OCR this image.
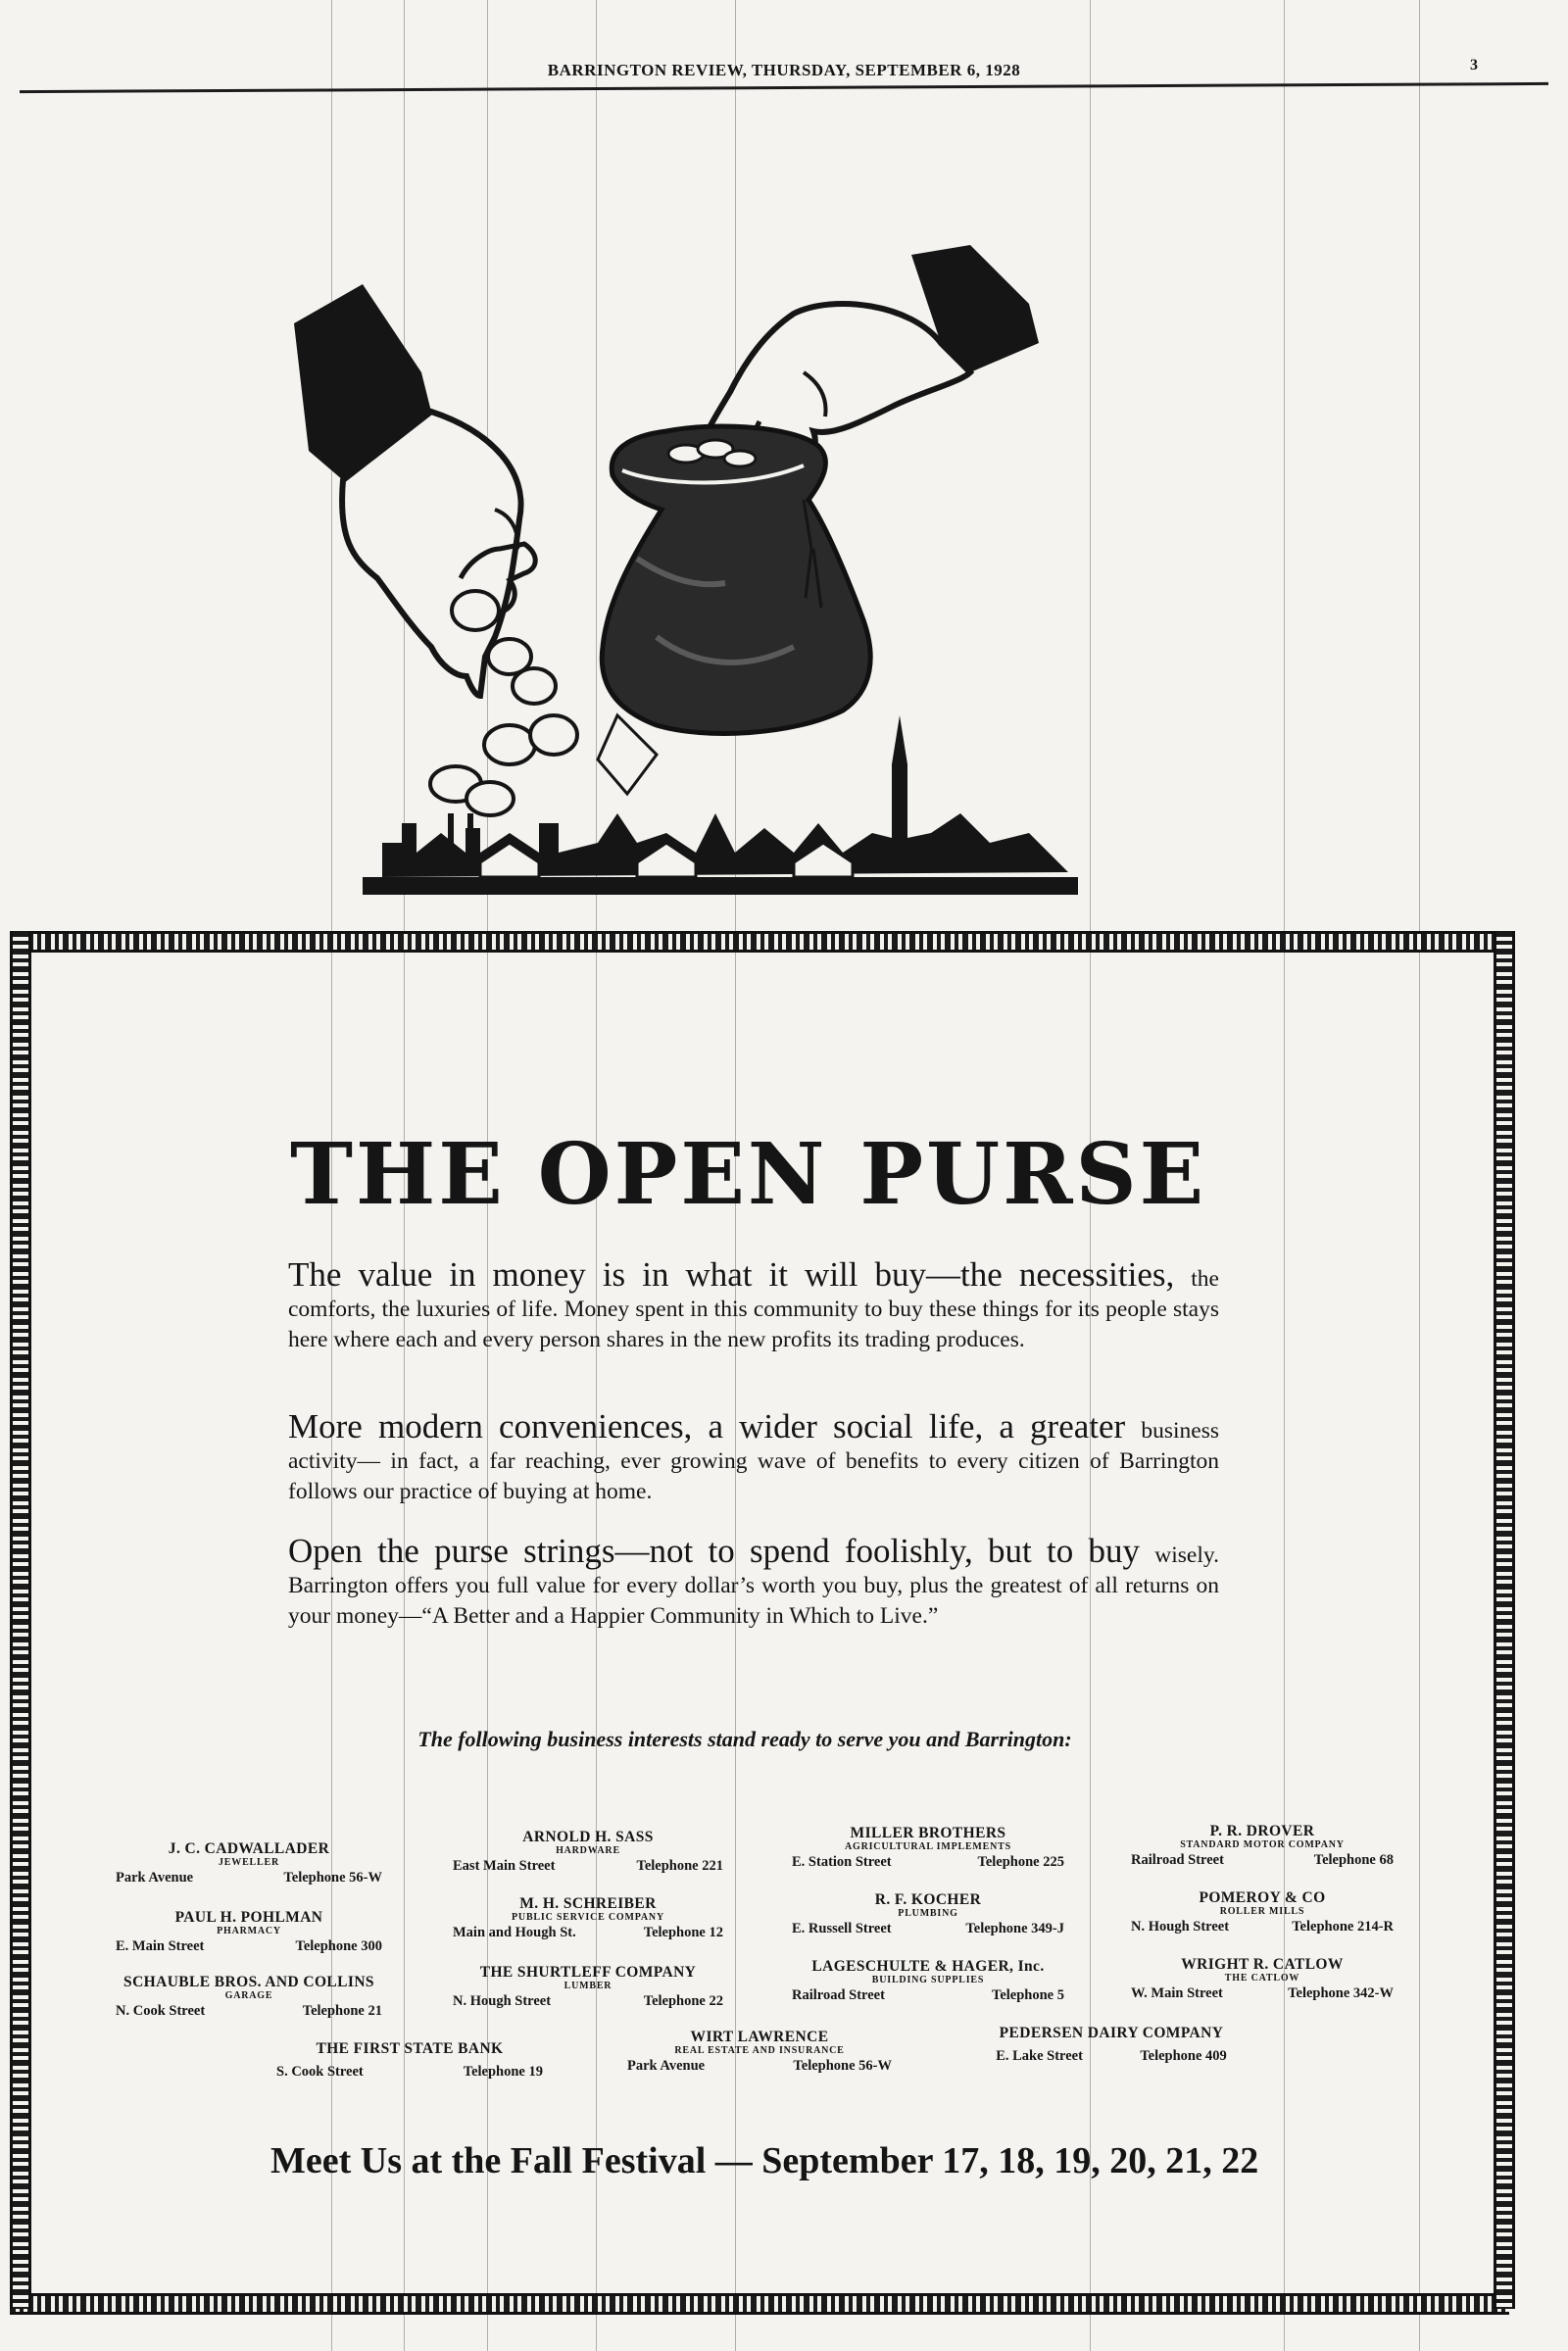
BARRINGTON REVIEW, THURSDAY, SEPTEMBER 6, 1928	3
THE OPEN PURSE
The value in money is in what it will buy—the necessities, the comforts, the luxuries of life. Money spent in this community to buy these things for its people stays here where each and every person shares in the new profits its trading produces.
More modern conveniences, a wider social life, a greater business activity— in fact, a far reaching, ever growing wave of benefits to every citizen of Barrington follows our practice of buying at home.
Open the purse strings—not to spend foolishly, but to buy wisely. Barrington offers you full value for every dollar’s worth you buy, plus the greatest of all returns on your money—“A Better and a Happier Community in Which to Live.”
The following business interests stand ready to serve you and Barrington:
J. C. CADWALLADER
JEWELLER
Park Avenue	Telephone 56-W
PAUL H. POHLMAN
PHARMACY
E. Main Street	Telephone 300
SCHAUBLE BROS. AND COLLINS
GARAGE
N. Cook Street	Telephone 21
THE FIRST STATE BANK
S. Cook Street	Telephone 19
ARNOLD H. SASS
HARDWARE
East Main Street	Telephone 221
M. H. SCHREIBER
PUBLIC SERVICE COMPANY
Main and Hough St.	Telephone 12
THE SHURTLEFF COMPANY
LUMBER
N. Hough Street	Telephone 22
WIRT LAWRENCE
REAL ESTATE AND INSURANCE
Park Avenue	Telephone 56-W
MILLER BROTHERS
AGRICULTURAL IMPLEMENTS
E. Station Street	Telephone 225
R. F. KOCHER
PLUMBING
E. Russell Street	Telephone 349-J
LAGESCHULTE & HAGER, Inc.
BUILDING SUPPLIES
Railroad Street	Telephone 5
PEDERSEN DAIRY COMPANY
E. Lake Street	Telephone 409
P. R. DROVER
STANDARD MOTOR COMPANY
Railroad Street	Telephone 68
POMEROY & CO
ROLLER MILLS
N. Hough Street	Telephone 214-R
WRIGHT R. CATLOW
THE CATLOW
W. Main Street	Telephone 342-W
Meet Us at the Fall Festival — September 17, 18, 19, 20, 21, 22
